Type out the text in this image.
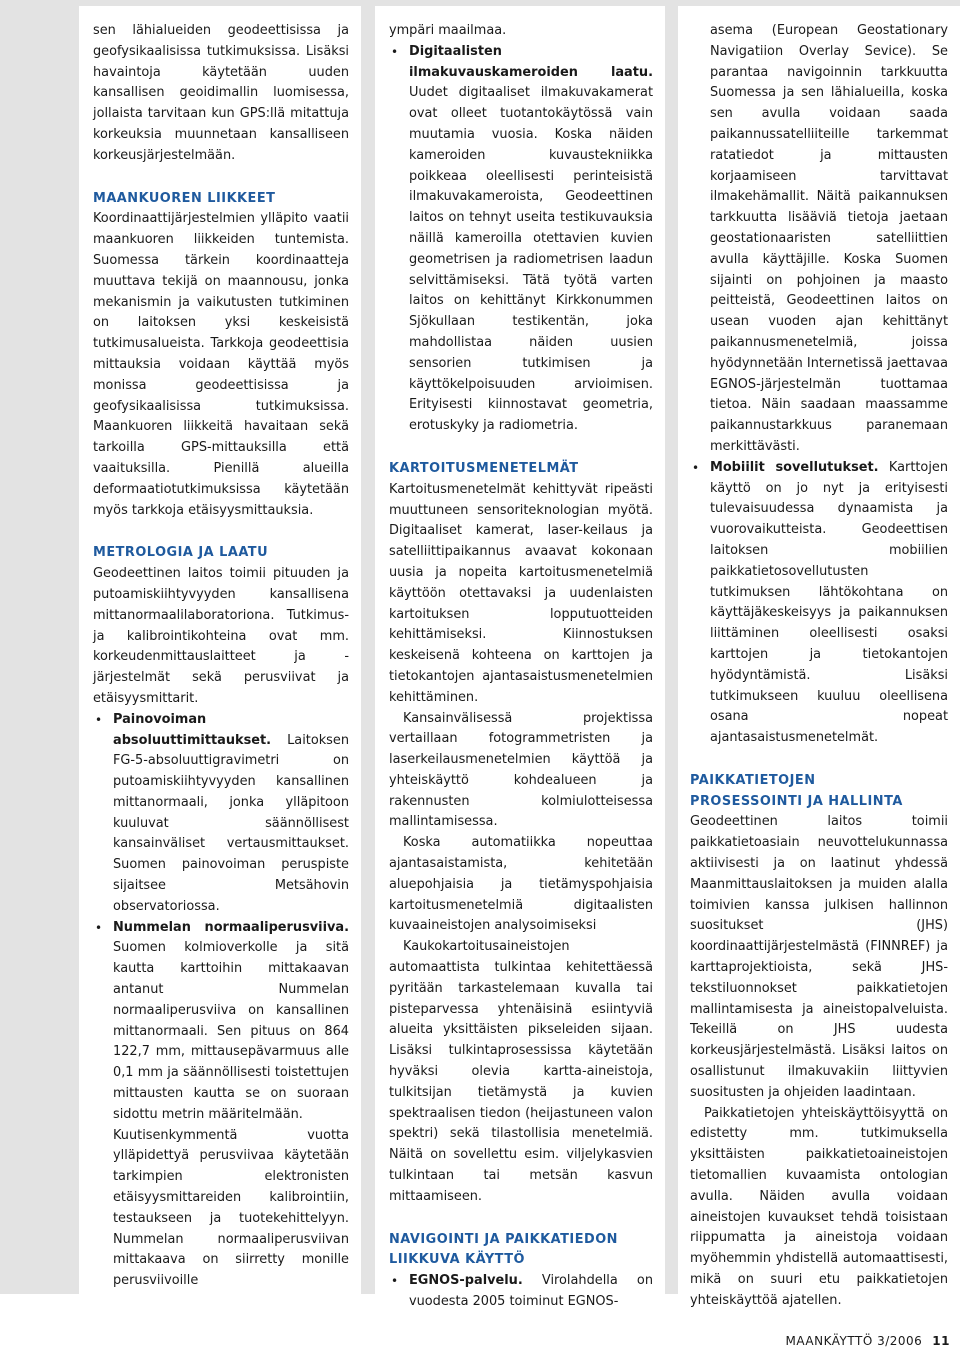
sen lähialueiden geodeettisissa ja geofysikaalisissa tutkimuksissa. Lisäksi havaintoja käytetään uuden kansallisen geoidimallin luomisessa, jollaista tarvitaan kun GPS:llä mitattuja korkeuksia muunnetaan kansalliseen korkeusjärjestelmään.

MAANKUOREN LIIKKEET

Koordinaattijärjestelmien ylläpito vaatii maankuoren liikkeiden tuntemista. Suomessa tärkein koordinaatteja muuttava tekijä on maannousu, jonka mekanismin ja vaikutusten tutkiminen on laitoksen yksi keskeisistä tutkimusalueista. Tarkkoja geodeettisia mittauksia voidaan käyttää myös monissa geodeettisissa ja geofysikaalisissa tutkimuksissa. Maankuoren liikkeitä havaitaan sekä tarkoilla GPS-mittauksilla että vaaituksilla. Pienillä alueilla deformaatiotutkimuksissa käytetään myös tarkkoja etäisyysmittauksia.

METROLOGIA JA LAATU

Geodeettinen laitos toimii pituuden ja putoamiskiihtyvyyden kansallisena mittanormaalilaboratoriona. Tutkimus- ja kalibrointikohteina ovat mm. korkeudenmittauslaitteet ja -järjestelmät sekä perusviivat ja etäisyysmittarit.

• Painovoiman absoluuttimittaukset. Laitoksen FG-5-absoluuttigravimetri on putoamiskiihtyvyyden kansallinen mittanormaali, jonka ylläpitoon kuuluvat säännöllisest kansainväliset vertausmittaukset. Suomen painovoiman peruspiste sijaitsee Metsähovin observatoriossa.
• Nummelan normaaliperusviiva. Suomen kolmioverkolle ja sitä kautta karttoihin mittakaavan antanut Nummelan normaaliperusviiva on kansallinen mittanormaali. Sen pituus on 864 122,7 mm, mittausepävarmuus alle 0,1 mm ja säännöllisesti toistettujen mittausten kautta se on suoraan sidottu metrin määritelmään.
Kuutisenkymmentä vuotta ylläpidettyä perusviivaa käytetään tarkimpien elektronisten etäisyysmittareiden kalibrointiin, testaukseen ja tuotekehittelyyn. Nummelan normaaliperusviivan mittakaava on siirretty monille perusviivoille

ympäri maailmaa.

• Digitaalisten ilmakuvauskameroiden laatu. Uudet digitaaliset ilmakuvakamerat ovat olleet tuotantokäytössä vain muutamia vuosia. Koska näiden kameroiden kuvaustekniikka poikkeaa oleellisesti perinteisistä ilmakuvakameroista, Geodeettinen laitos on tehnyt useita testikuvauksia näillä kameroilla otettavien kuvien geometrisen ja radiometrisen laadun selvittämiseksi. Tätä työtä varten laitos on kehittänyt Kirkkonummen Sjökullaan testikentän, joka mahdollistaa näiden uusien sensorien tutkimisen ja käyttökelpoisuuden arvioimisen. Erityisesti kiinnostavat geometria, erotuskyky ja radiometria.
KARTOITUSMENETELMÄT

Kartoitusmenetelmät kehittyvät ripeästi muuttuneen sensoriteknologian myötä. Digitaaliset kamerat, laser-keilaus ja satelliittipaikannus avaavat kokonaan uusia ja nopeita kartoitusmenetelmiä käyttöön otettavaksi ja uudenlaisten kartoituksen lopputuotteiden kehittämiseksi. Kiinnostuksen keskeisenä kohteena on karttojen ja tietokantojen ajantasaistusmenetelmien kehittäminen.

Kansainvälisessä projektissa vertaillaan fotogrammetristen ja laserkeilausmenetelmien käyttöä ja yhteiskäyttö kohdealueen ja rakennusten kolmiulotteisessa mallintamisessa.

Koska automatiikka nopeuttaa ajantasaistamista, kehitetään aluepohjaisia ja tietämyspohjaisia kartoitusmenetelmiä digitaalisten kuvaaineistojen analysoimiseksi

Kaukokartoitusaineistojen automaattista tulkintaa kehitettäessä pyritään tarkastelemaan kuvalla tai pisteparvessa yhtenäisinä esiintyviä alueita yksittäisten pikseleiden sijaan. Lisäksi tulkintaprosessissa käytetään hyväksi olevia kartta-aineistoja, tulkitsijan tietämystä ja kuvien spektraalisen tiedon (heijastuneen valon spektri) sekä tilastollisia menetelmiä. Näitä on sovellettu esim. viljelykasvien tulkintaan tai metsän kasvun mittaamiseen.

NAVIGOINTI JA PAIKKATIEDON LIIKKUVA KÄYTTÖ
• EGNOS-palvelu. Virolahdella on vuodesta 2005 toiminut EGNOS-

asema (European Geostationary Navigatiion Overlay Sevice). Se parantaa navigoinnin tarkkuutta Suomessa ja sen lähialueilla, koska sen avulla voidaan saada paikannussatelliiteille tarkemmat ratatiedot ja mittausten korjaamiseen tarvittavat ilmakehämallit. Näitä paikannuksen tarkkuutta lisääviä tietoja jaetaan geostationaaristen satelliittien avulla käyttäjille. Koska Suomen sijainti on pohjoinen ja maasto peitteistä, Geodeettinen laitos on usean vuoden ajan kehittänyt paikannusmenetelmiä, joissa hyödynnetään Internetissä jaettavaa EGNOS-järjestelmän tuottamaa tietoa. Näin saadaan maassamme paikannustarkkuus paranemaan merkittävästi.

• Mobiilit sovellutukset. Karttojen käyttö on jo nyt ja erityisesti tulevaisuudessa dynaamista ja vuorovaikutteista. Geodeettisen laitoksen mobiilien paikkatietosovellutusten tutkimuksen lähtökohtana on käyttäjäkeskeisyys ja paikannuksen liittäminen oleellisesti osaksi karttojen ja tietokantojen hyödyntämistä. Lisäksi tutkimukseen kuuluu oleellisena osana nopeat ajantasaistusmenetelmät.
PAIKKATIETOJEN
PROSESSOINTI JA HALLINTA

Geodeettinen laitos toimii paikkatietoasiain neuvottelukunnassa aktiivisesti ja on laatinut yhdessä Maanmittauslaitoksen ja muiden alalla toimivien kanssa julkisen hallinnon suositukset (JHS) koordinaattijärjestelmästä (FINNREF) ja karttaprojektioista, sekä JHS-tekstiluonnokset paikkatietojen mallintamisesta ja aineistopalveluista. Tekeillä on JHS uudesta korkeusjärjestelmästä. Lisäksi laitos on osallistunut ilmakuvakiin liittyvien suositusten ja ohjeiden laadintaan.

Paikkatietojen yhteiskäyttöisyyttä on edistetty mm. tutkimuksella yksittäisten paikkatietoaineistojen tietomallien kuvaamista ontologian avulla. Näiden avulla voidaan aineistojen kuvaukset tehdä toisistaan riippumatta ja aineistoja voidaan myöhemmin yhdistellä automaattisesti, mikä on suuri etu paikkatietojen yhteiskäyttöä ajatellen.

MAANKÄYTTÖ 3/2006 11
